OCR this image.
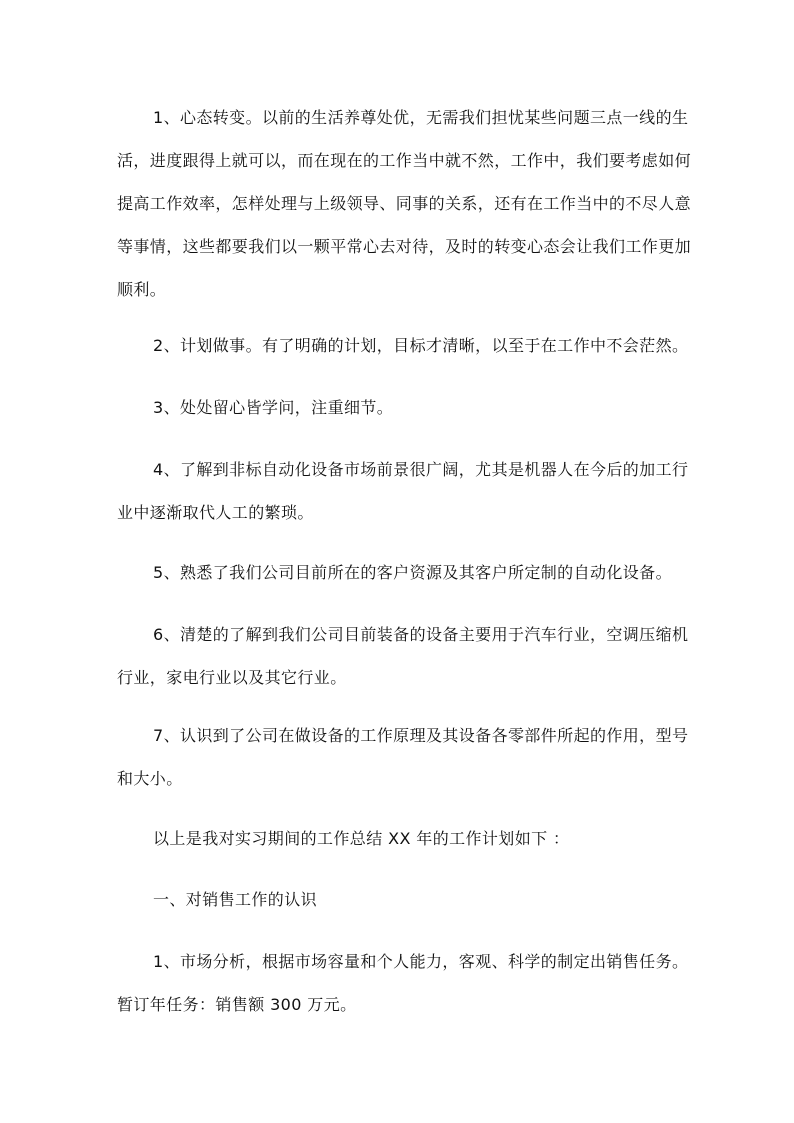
1、心态转变。以前的生活养尊处优，无需我们担忧某些问题三点一线的生
活，进度跟得上就可以，而在现在的工作当中就不然，工作中，我们要考虑如何
提高工作效率，怎样处理与上级领导、同事的关系，还有在工作当中的不尽人意
等事情，这些都要我们以一颗平常心去对待，及时的转变心态会让我们工作更加
顺利。
2、计划做事。有了明确的计划，目标才清晰，以至于在工作中不会茫然。
3、处处留心皆学问，注重细节。
4、了解到非标自动化设备市场前景很广阔，尤其是机器人在今后的加工行
业中逐渐取代人工的繁琐。
5、熟悉了我们公司目前所在的客户资源及其客户所定制的自动化设备。
6、清楚的了解到我们公司目前装备的设备主要用于汽车行业，空调压缩机
行业，家电行业以及其它行业。
7、认识到了公司在做设备的工作原理及其设备各零部件所起的作用，型号
和大小。
以上是我对实习期间的工作总结 XX 年的工作计划如下 ：
一、对销售工作的认识
1、市场分析，根据市场容量和个人能力，客观、科学的制定出销售任务。
暂订年任务：销售额 300 万元。
